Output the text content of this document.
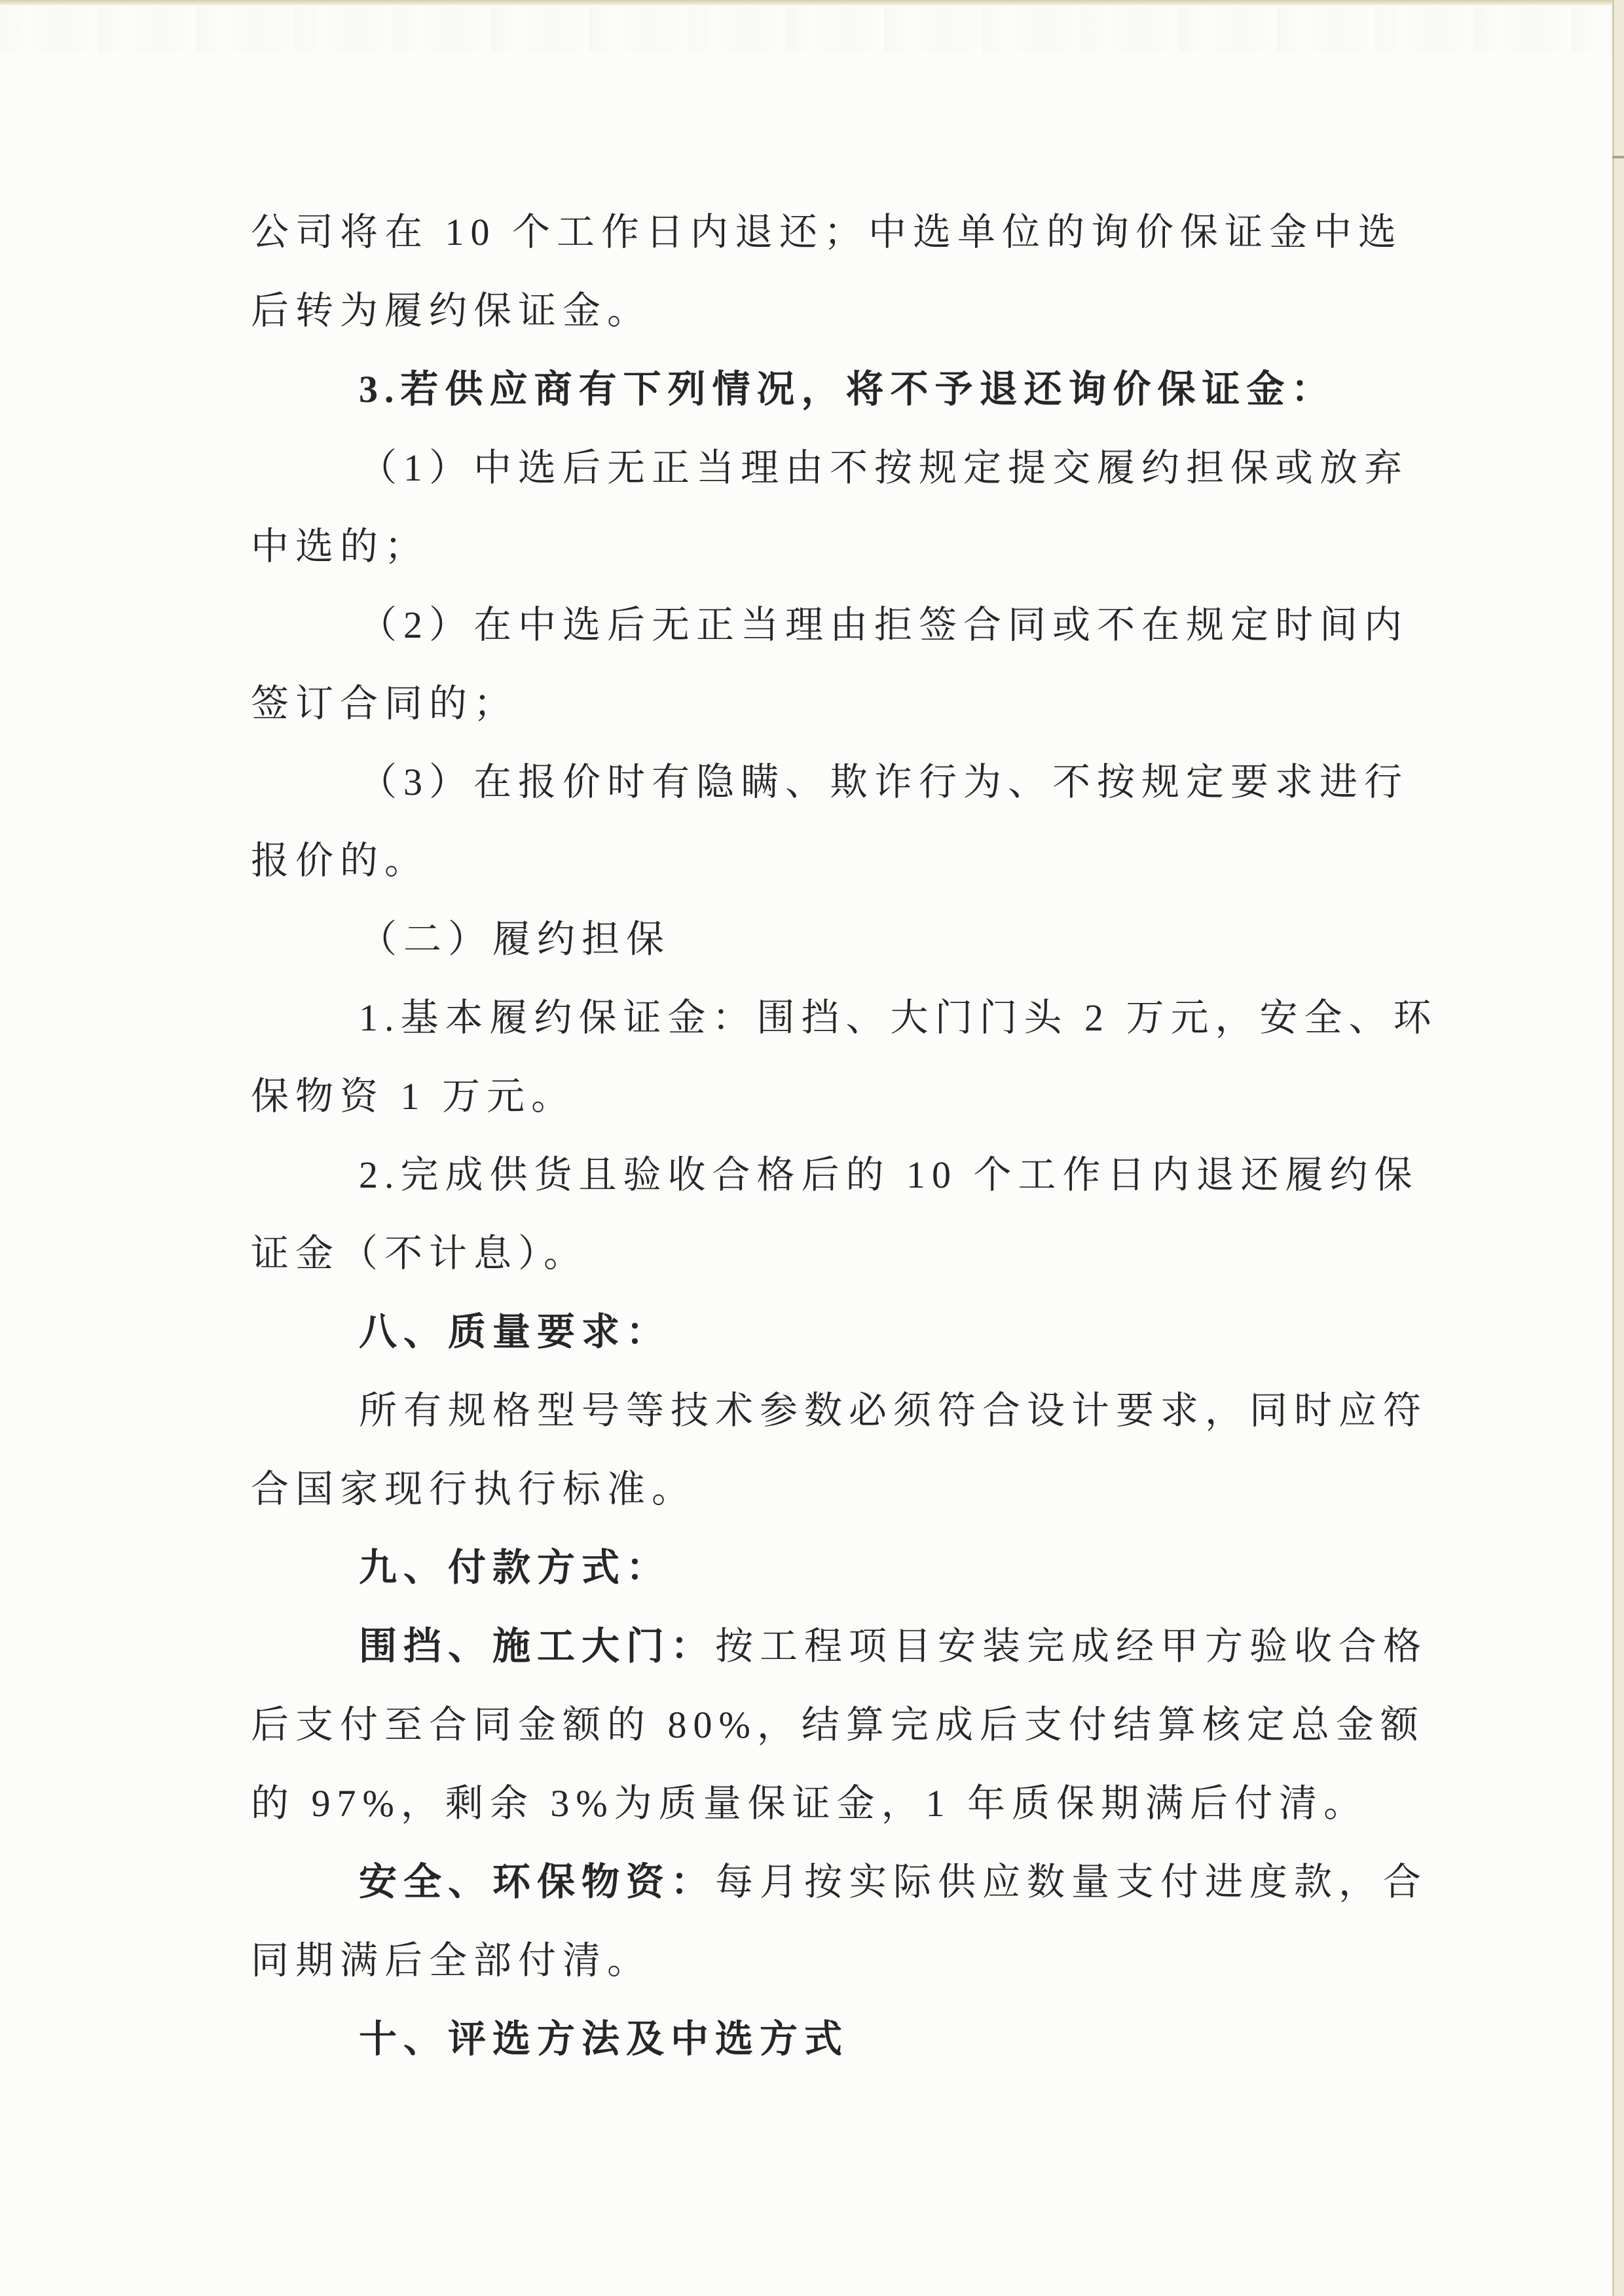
公司将在 10 个工作日内退还；中选单位的询价保证金中选
后转为履约保证金。
3.若供应商有下列情况，将不予退还询价保证金：
（1）中选后无正当理由不按规定提交履约担保或放弃
中选的；
（2）在中选后无正当理由拒签合同或不在规定时间内
签订合同的；
（3）在报价时有隐瞒、欺诈行为、不按规定要求进行
报价的。
（二）履约担保
1.基本履约保证金：围挡、大门门头 2 万元，安全、环
保物资 1 万元。
2.完成供货且验收合格后的 10 个工作日内退还履约保
证金（不计息）。
八、质量要求：
所有规格型号等技术参数必须符合设计要求，同时应符
合国家现行执行标准。
九、付款方式：
围挡、施工大门：按工程项目安装完成经甲方验收合格
后支付至合同金额的 80%，结算完成后支付结算核定总金额
的 97%，剩余 3%为质量保证金，1 年质保期满后付清。
安全、环保物资：每月按实际供应数量支付进度款，合
同期满后全部付清。
十、评选方法及中选方式
